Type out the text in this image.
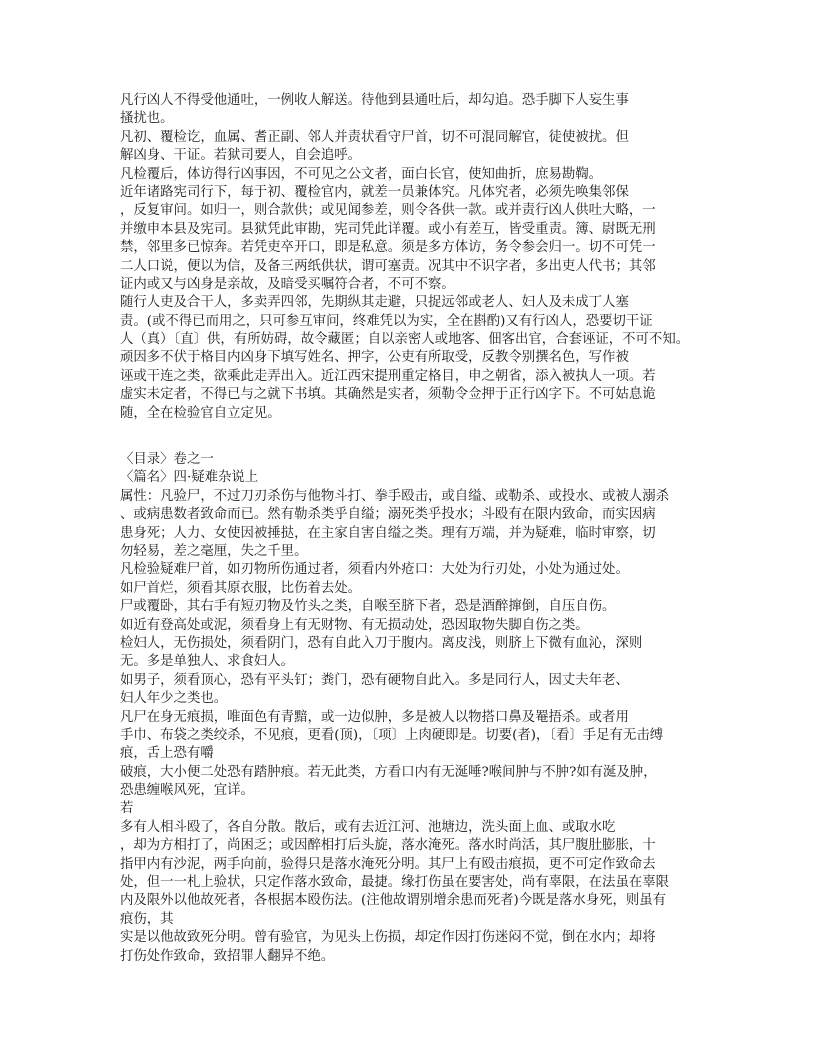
凡行凶人不得受他通吐，一例收人解送。待他到县通吐后，却勾追。恐手脚下人妄生事
搔扰也。
凡初、覆检讫，血属、耆正副、邻人并责状看守尸首，切不可混同解官，徒使被扰。但
解凶身、干证。若狱司要人，自会追呼。
凡检覆后，体访得行凶事因，不可见之公文者，面白长官，使知曲折，庶易勘鞫。
近年诸路宪司行下，每于初、覆检官内，就差一员兼体究。凡体究者，必须先唤集邻保
，反复审问。如归一，则合款供；或见闻参差，则令各供一款。或并责行凶人供吐大略，一
并缴申本县及宪司。县狱凭此审勘，宪司凭此详覆。或小有差互，皆受重责。簿、尉既无刑
禁，邻里多已惊奔。若凭吏卒开口，即是私意。须是多方体访，务令参会归一。切不可凭一
二人口说，便以为信，及备三两纸供状，谓可塞责。况其中不识字者，多出吏人代书；其邻
证内或又与凶身是亲故，及暗受买嘱符合者，不可不察。
随行人吏及合干人，多卖弄四邻，先期纵其走避，只捉远邻或老人、妇人及未成丁人塞
责。(或不得已而用之，只可参互审问，终难凭以为实，全在斟酌)又有行凶人，恐要切干证
人（真）〔直〕供，有所妨碍，故令藏匿；自以亲密人或地客、佃客出官，合套诬证，不可不知。
顽因多不伏于格目内凶身下填写姓名、押字，公吏有所取受，反教令别撰名色，写作被
诬或干连之类，欲乘此走弄出入。近江西宋提刑重定格目，申之朝省，添入被执人一项。若
虚实未定者，不得已与之就下书填。其确然是实者，须勒令佥押于正行凶字下。不可姑息诡
随，全在检验官自立定见。
〈目录〉卷之一
〈篇名〉四·疑难杂说上
属性：凡验尸，不过刀刃杀伤与他物斗打、拳手殴击，或自缢、或勒杀、或投水、或被人溺杀
、或病患数者致命而已。然有勒杀类乎自缢；溺死类乎投水；斗殴有在限内致命，而实因病
患身死；人力、女使因被捶挞，在主家自害自缢之类。理有万端，并为疑难，临时审察，切
勿轻易，差之毫厘，失之千里。
凡检验疑难尸首，如刃物所伤通过者，须看内外疮口：大处为行刃处，小处为通过处。
如尸首烂，须看其原衣服，比伤着去处。
尸或覆卧，其右手有短刃物及竹头之类，自喉至脐下者，恐是酒醉撺倒，自压自伤。
如近有登高处或泥，须看身上有无财物、有无损动处，恐因取物失脚自伤之类。
检妇人，无伤损处，须看阴门，恐有自此入刀于腹内。离皮浅，则脐上下微有血沁，深则
无。多是单独人、求食妇人。
如男子，须看顶心，恐有平头钉；粪门，恐有硬物自此入。多是同行人，因丈夫年老、
妇人年少之类也。
凡尸在身无痕损，唯面色有青黯，或一边似肿，多是被人以物搭口鼻及罨捂杀。或者用
手巾、布袋之类绞杀，不见痕，更看(顶)，〔项〕上肉硬即是。切要(者)，〔看〕手足有无击缚
痕，舌上恐有嚼
破痕，大小便二处恐有踏肿痕。若无此类，方看口内有无涎唾?喉间肿与不肿?如有涎及肿，
恐患缠喉风死，宜详。
若
多有人相斗殴了，各自分散。散后，或有去近江河、池塘边，洗头面上血、或取水吃
，却为方相打了，尚困乏；或因醉相打后头旋，落水淹死。落水时尚活，其尸腹肚膨胀，十
指甲内有沙泥，两手向前，验得只是落水淹死分明。其尸上有殴击痕损，更不可定作致命去
处，但一一札上验状，只定作落水致命，最捷。缘打伤虽在要害处，尚有辜限，在法虽在辜限
内及限外以他故死者，各根据本殴伤法。(注他故谓别增余患而死者)今既是落水身死，则虽有
痕伤，其
实是以他故致死分明。曾有验官，为见头上伤损，却定作因打伤迷闷不觉，倒在水内；却将
打伤处作致命，致招罪人翻异不绝。
